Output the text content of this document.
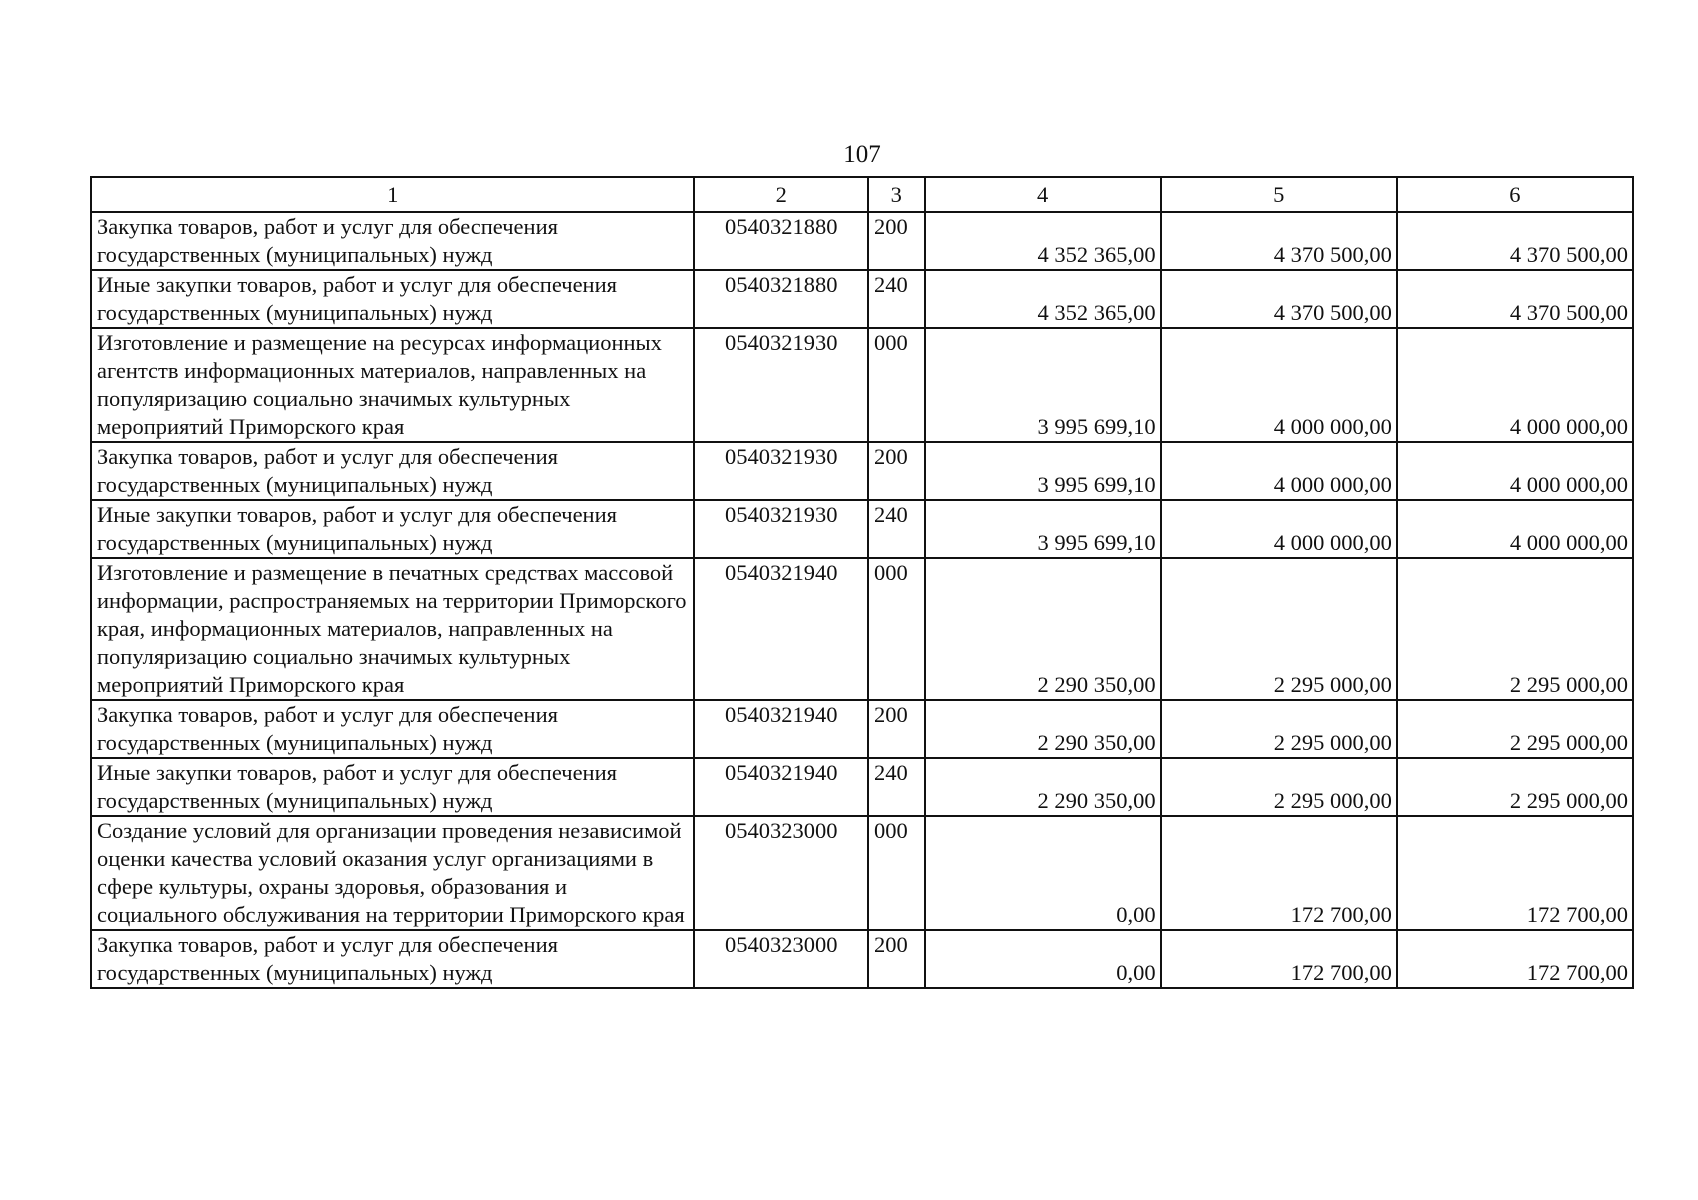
107
1	2	3	4	5	6
Закупка товаров, работ и услуг для обеспечения государственных (муниципальных) нужд	0540321880	200	4 352 365,00	4 370 500,00	4 370 500,00
Иные закупки товаров, работ и услуг для обеспечения государственных (муниципальных) нужд	0540321880	240	4 352 365,00	4 370 500,00	4 370 500,00
Изготовление и размещение на ресурсах информационных агентств информационных материалов, направленных на популяризацию социально значимых культурных мероприятий Приморского края	0540321930	000	3 995 699,10	4 000 000,00	4 000 000,00
Закупка товаров, работ и услуг для обеспечения государственных (муниципальных) нужд	0540321930	200	3 995 699,10	4 000 000,00	4 000 000,00
Иные закупки товаров, работ и услуг для обеспечения государственных (муниципальных) нужд	0540321930	240	3 995 699,10	4 000 000,00	4 000 000,00
Изготовление и размещение в печатных средствах массовой информации, распространяемых на территории Приморского края, информационных материалов, направленных на популяризацию социально значимых культурных мероприятий Приморского края	0540321940	000	2 290 350,00	2 295 000,00	2 295 000,00
Закупка товаров, работ и услуг для обеспечения государственных (муниципальных) нужд	0540321940	200	2 290 350,00	2 295 000,00	2 295 000,00
Иные закупки товаров, работ и услуг для обеспечения государственных (муниципальных) нужд	0540321940	240	2 290 350,00	2 295 000,00	2 295 000,00
Создание условий для организации проведения независимой оценки качества условий оказания услуг организациями в сфере культуры, охраны здоровья, образования и социального обслуживания на территории Приморского края	0540323000	000	0,00	172 700,00	172 700,00
Закупка товаров, работ и услуг для обеспечения государственных (муниципальных) нужд	0540323000	200	0,00	172 700,00	172 700,00
